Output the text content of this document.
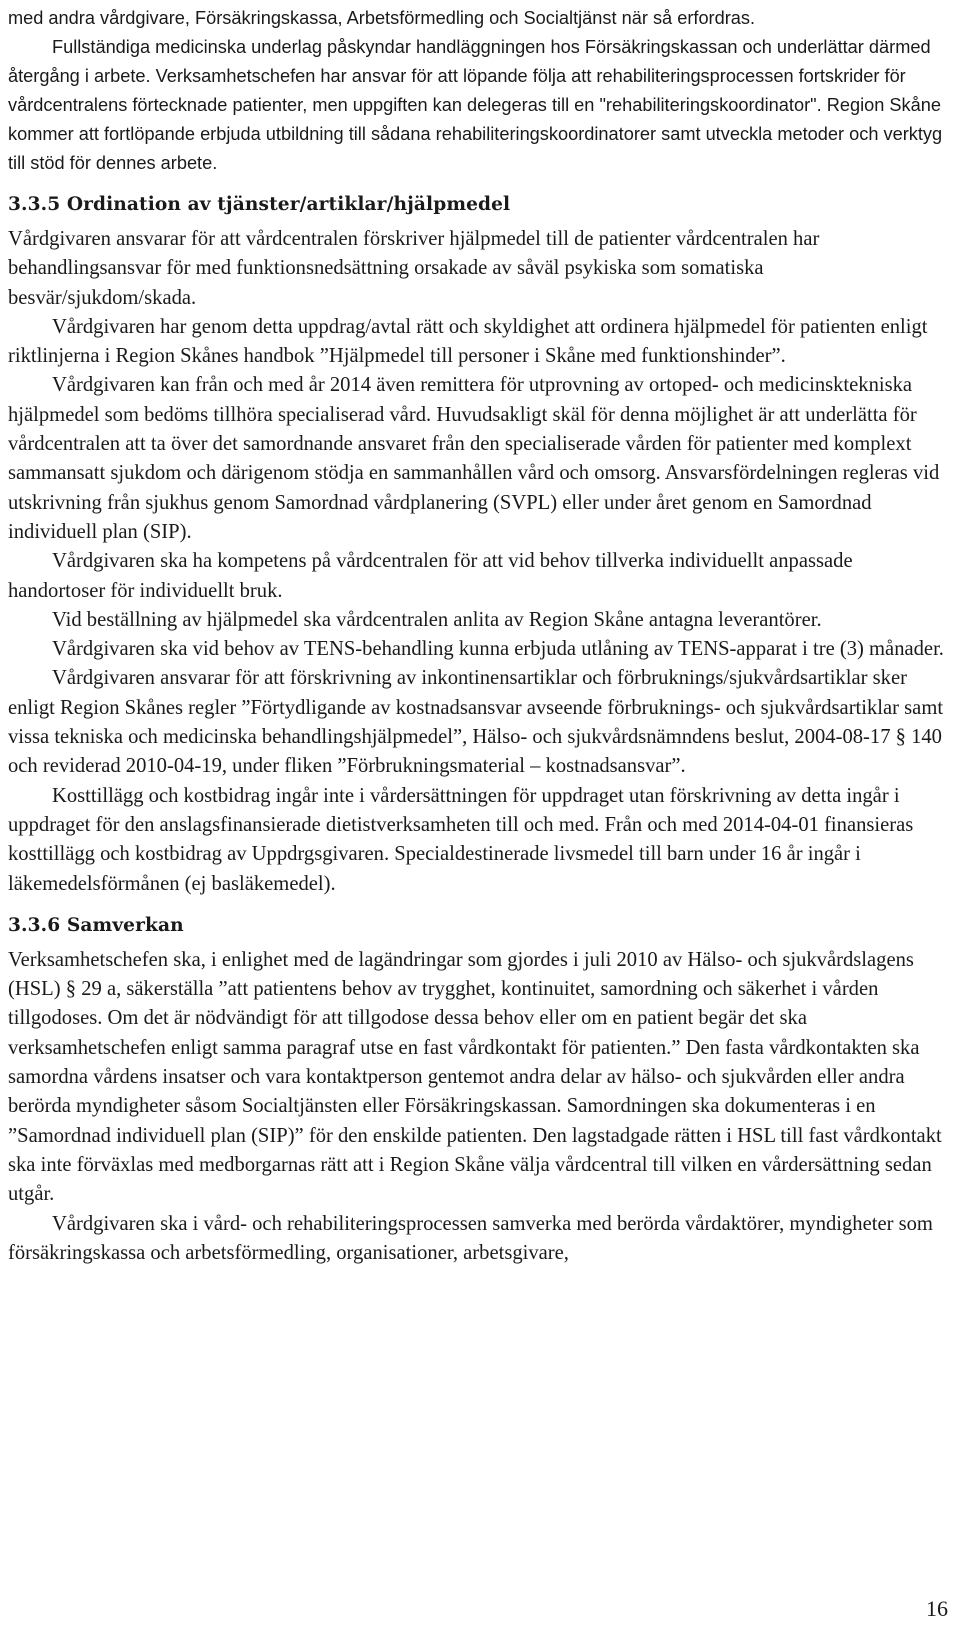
med andra vårdgivare, Försäkringskassa, Arbetsförmedling och Socialtjänst när så erfordras.

Fullständiga medicinska underlag påskyndar handläggningen hos Försäkringskassan och underlättar därmed återgång i arbete. Verksamhetschefen har ansvar för att löpande följa att rehabiliteringsprocessen fortskrider för vårdcentralens förtecknade patienter, men uppgiften kan delegeras till en "rehabiliteringskoordinator". Region Skåne kommer att fortlöpande erbjuda utbildning till sådana rehabiliteringskoordinatorer samt utveckla metoder och verktyg till stöd för dennes arbete.

3.3.5 Ordination av tjänster/artiklar/hjälpmedel

Vårdgivaren ansvarar för att vårdcentralen förskriver hjälpmedel till de patienter vårdcentralen har behandlingsansvar för med funktionsnedsättning orsakade av såväl psykiska som somatiska besvär/sjukdom/skada.

Vårdgivaren har genom detta uppdrag/avtal rätt och skyldighet att ordinera hjälpmedel för patienten enligt riktlinjerna i Region Skånes handbok ”Hjälpmedel till personer i Skåne med funktionshinder”.

Vårdgivaren kan från och med år 2014 även remittera för utprovning av ortoped- och medicinsktekniska hjälpmedel som bedöms tillhöra specialiserad vård. Huvudsakligt skäl för denna möjlighet är att underlätta för vårdcentralen att ta över det samordnande ansvaret från den specialiserade vården för patienter med komplext sammansatt sjukdom och därigenom stödja en sammanhållen vård och omsorg. Ansvarsfördelningen regleras vid utskrivning från sjukhus genom Samordnad vårdplanering (SVPL) eller under året genom en Samordnad individuell plan (SIP).

Vårdgivaren ska ha kompetens på vårdcentralen för att vid behov tillverka individuellt anpassade handortoser för individuellt bruk.

Vid beställning av hjälpmedel ska vårdcentralen anlita av Region Skåne antagna leverantörer.

Vårdgivaren ska vid behov av TENS-behandling kunna erbjuda utlåning av TENS-apparat i tre (3) månader.

Vårdgivaren ansvarar för att förskrivning av inkontinensartiklar och förbruknings/sjukvårdsartiklar sker enligt Region Skånes regler ”Förtydligande av kostnadsansvar avseende förbruknings- och sjukvårdsartiklar samt vissa tekniska och medicinska behandlingshjälpmedel”, Hälso- och sjukvårdsnämndens beslut, 2004-08-17 § 140 och reviderad 2010-04-19, under fliken ”Förbrukningsmaterial – kostnadsansvar”.

Kosttillägg och kostbidrag ingår inte i vårdersättningen för uppdraget utan förskrivning av detta ingår i uppdraget för den anslagsfinansierade dietistverksamheten till och med. Från och med 2014-04-01 finansieras kosttillägg och kostbidrag av Uppdrgsgivaren. Specialdestinerade livsmedel till barn under 16 år ingår i läkemedelsförmånen (ej basläkemedel).

3.3.6 Samverkan

Verksamhetschefen ska, i enlighet med de lagändringar som gjordes i juli 2010 av Hälso- och sjukvårdslagens (HSL) § 29 a, säkerställa ”att patientens behov av trygghet, kontinuitet, samordning och säkerhet i vården tillgodoses. Om det är nödvändigt för att tillgodose dessa behov eller om en patient begär det ska verksamhetschefen enligt samma paragraf utse en fast vårdkontakt för patienten.” Den fasta vårdkontakten ska samordna vårdens insatser och vara kontaktperson gentemot andra delar av hälso- och sjukvården eller andra berörda myndigheter såsom Socialtjänsten eller Försäkringskassan. Samordningen ska dokumenteras i en ”Samordnad individuell plan (SIP)” för den enskilde patienten. Den lagstadgade rätten i HSL till fast vårdkontakt ska inte förväxlas med medborgarnas rätt att i Region Skåne välja vårdcentral till vilken en vårdersättning sedan utgår.

Vårdgivaren ska i vård- och rehabiliteringsprocessen samverka med berörda vårdaktörer, myndigheter som försäkringskassa och arbetsförmedling, organisationer, arbetsgivare,

16
